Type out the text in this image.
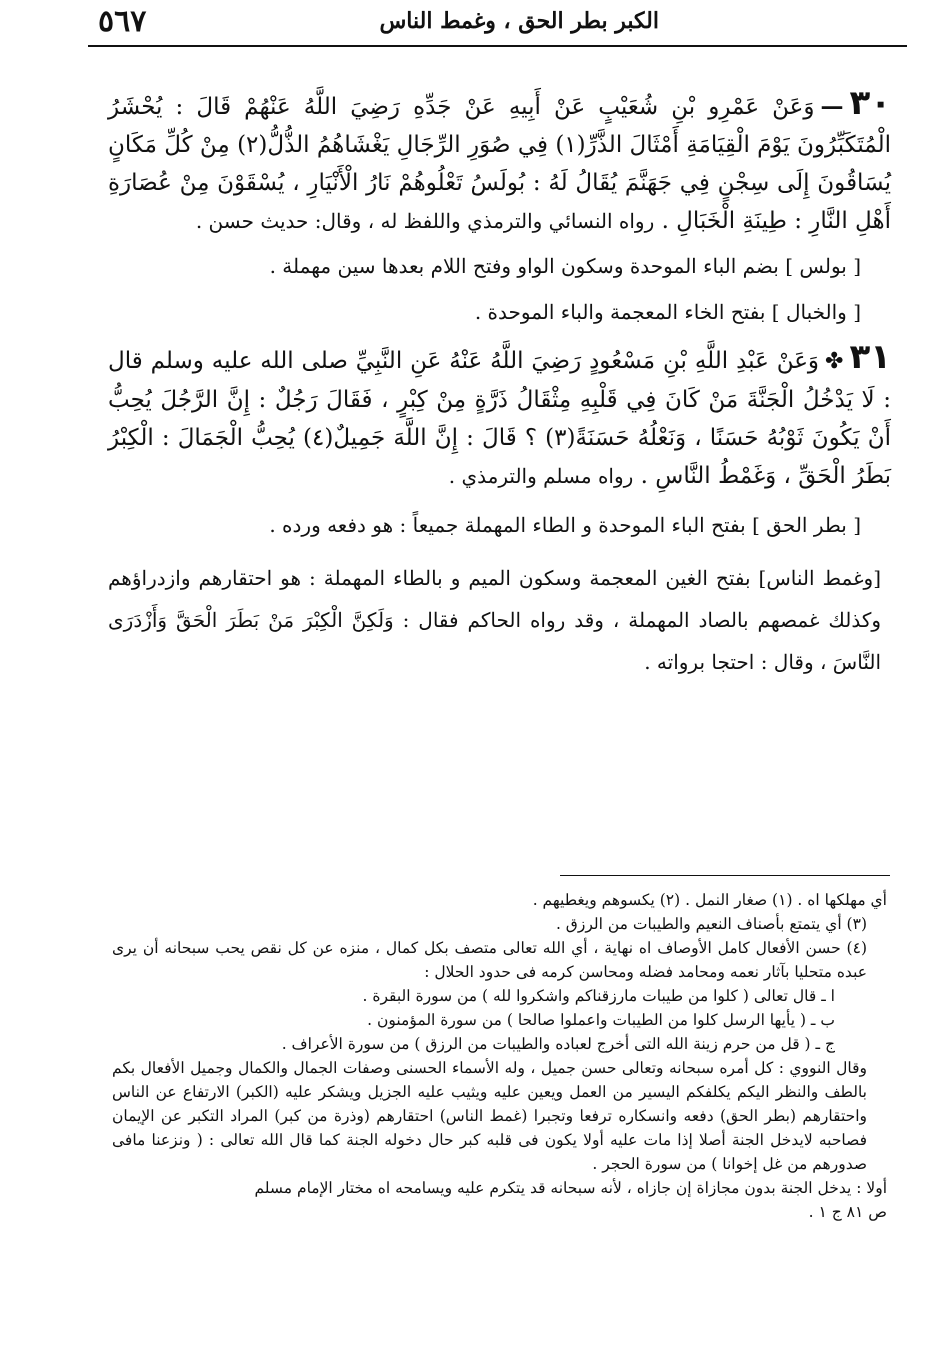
الكبر بطر الحق ، وغمط الناس
٥٦٧

٣٠—وَعَنْ عَمْرِو بْنِ شُعَيْبٍ عَنْ أَبِيهِ عَنْ جَدِّهِ رَضِيَ اللَّهُ عَنْهُمْ قَالَ : يُحْشَرُ الْمُتَكَبِّرُونَ يَوْمَ الْقِيَامَةِ أَمْثَالَ الذَّرِّ(١) فِي صُوَرِ الرِّجَالِ يَغْشَاهُمُ الذُّلُّ(٢) مِنْ كُلِّ مَكَانٍ يُسَاقُونَ إِلَى سِجْنٍ فِي جَهَنَّمَ يُقَالُ لَهُ : بُولَسُ تَعْلُوهُمْ نَارُ الْأَنْيَارِ ، يُسْقَوْنَ مِنْ عُصَارَةِ أَهْلِ النَّارِ : طِينَةِ الْخَبَالِ . رواه النسائي والترمذي واللفظ له ، وقال: حديث حسن .

[ بولس ] بضم الباء الموحدة وسكون الواو وفتح اللام بعدها سين مهملة .

[ والخبال ] بفتح الخاء المعجمة والباء الموحدة .

٣١✤وَعَنْ عَبْدِ اللَّهِ بْنِ مَسْعُودٍ رَضِيَ اللَّهُ عَنْهُ عَنِ النَّبِيِّ صلى الله عليه وسلم قال : لَا يَدْخُلُ الْجَنَّةَ مَنْ كَانَ فِي قَلْبِهِ مِثْقَالُ ذَرَّةٍ مِنْ كِبْرٍ ، فَقَالَ رَجُلٌ : إِنَّ الرَّجُلَ يُحِبُّ أَنْ يَكُونَ ثَوْبُهُ حَسَنًا ، وَنَعْلُهُ حَسَنَةً(٣) ؟ قَالَ : إِنَّ اللَّهَ جَمِيلٌ(٤) يُحِبُّ الْجَمَالَ : الْكِبْرُ بَطَرُ الْحَقِّ ، وَغَمْطُ النَّاسِ . رواه مسلم والترمذي .

[ بطر الحق ] بفتح الباء الموحدة و الطاء المهملة جميعاً : هو دفعه ورده .

[وغمط الناس] بفتح الغين المعجمة وسكون الميم و بالطاء المهملة : هو احتقارهم وازدراؤهم وكذلك غمصهم بالصاد المهملة ، وقد رواه الحاكم فقال : وَلَكِنَّ الْكِبْرَ مَنْ بَطَرَ الْحَقَّ وَأَزْدَرَى النَّاسَ ، وقال : احتجا برواته .

أي مهلكها اه . (١) صغار النمل . (٢) يكسوهم ويغطيهم .

(٣) أي يتمتع بأصناف النعيم والطيبات من الرزق .

(٤) حسن الأفعال كامل الأوصاف اه نهاية ، أي الله تعالى متصف بكل كمال ، منزه عن كل نقص يحب سبحانه أن يرى عبده متحليا بآثار نعمه ومحامد فضله ومحاسن كرمه فى حدود الحلال :

ا ـ قال تعالى ( كلوا من طيبات مارزقناكم واشكروا لله ) من سورة البقرة .

ب ـ ( يأيها الرسل كلوا من الطيبات واعملوا صالحا ) من سورة المؤمنون .

ج ـ ( قل من حرم زينة الله التى أخرج لعباده والطيبات من الرزق ) من سورة الأعراف .

وقال النووي : كل أمره سبحانه وتعالى حسن جميل ، وله الأسماء الحسنى وصفات الجمال والكمال وجميل الأفعال بكم بالطف والنظر اليكم يكلفكم اليسير من العمل ويعين عليه ويثيب عليه الجزيل ويشكر عليه (الكبر) الارتفاع عن الناس واحتقارهم (بطر الحق) دفعه وانسكاره ترفعا وتجبرا (غمط الناس) احتقارهم (وذرة من كبر) المراد التكبر عن الإيمان فصاحبه لايدخل الجنة أصلا إذا مات عليه أولا يكون فى قلبه كبر حال دخوله الجنة كما قال الله تعالى : ( ونزعنا مافى صدورهم من غل إخوانا ) من سورة الحجر .

أولا : يدخل الجنة بدون مجازاة إن جازاه ، لأنه سبحانه قد يتكرم عليه ويسامحه اه مختار الإمام مسلم

ص ٨١ ج ١ .
